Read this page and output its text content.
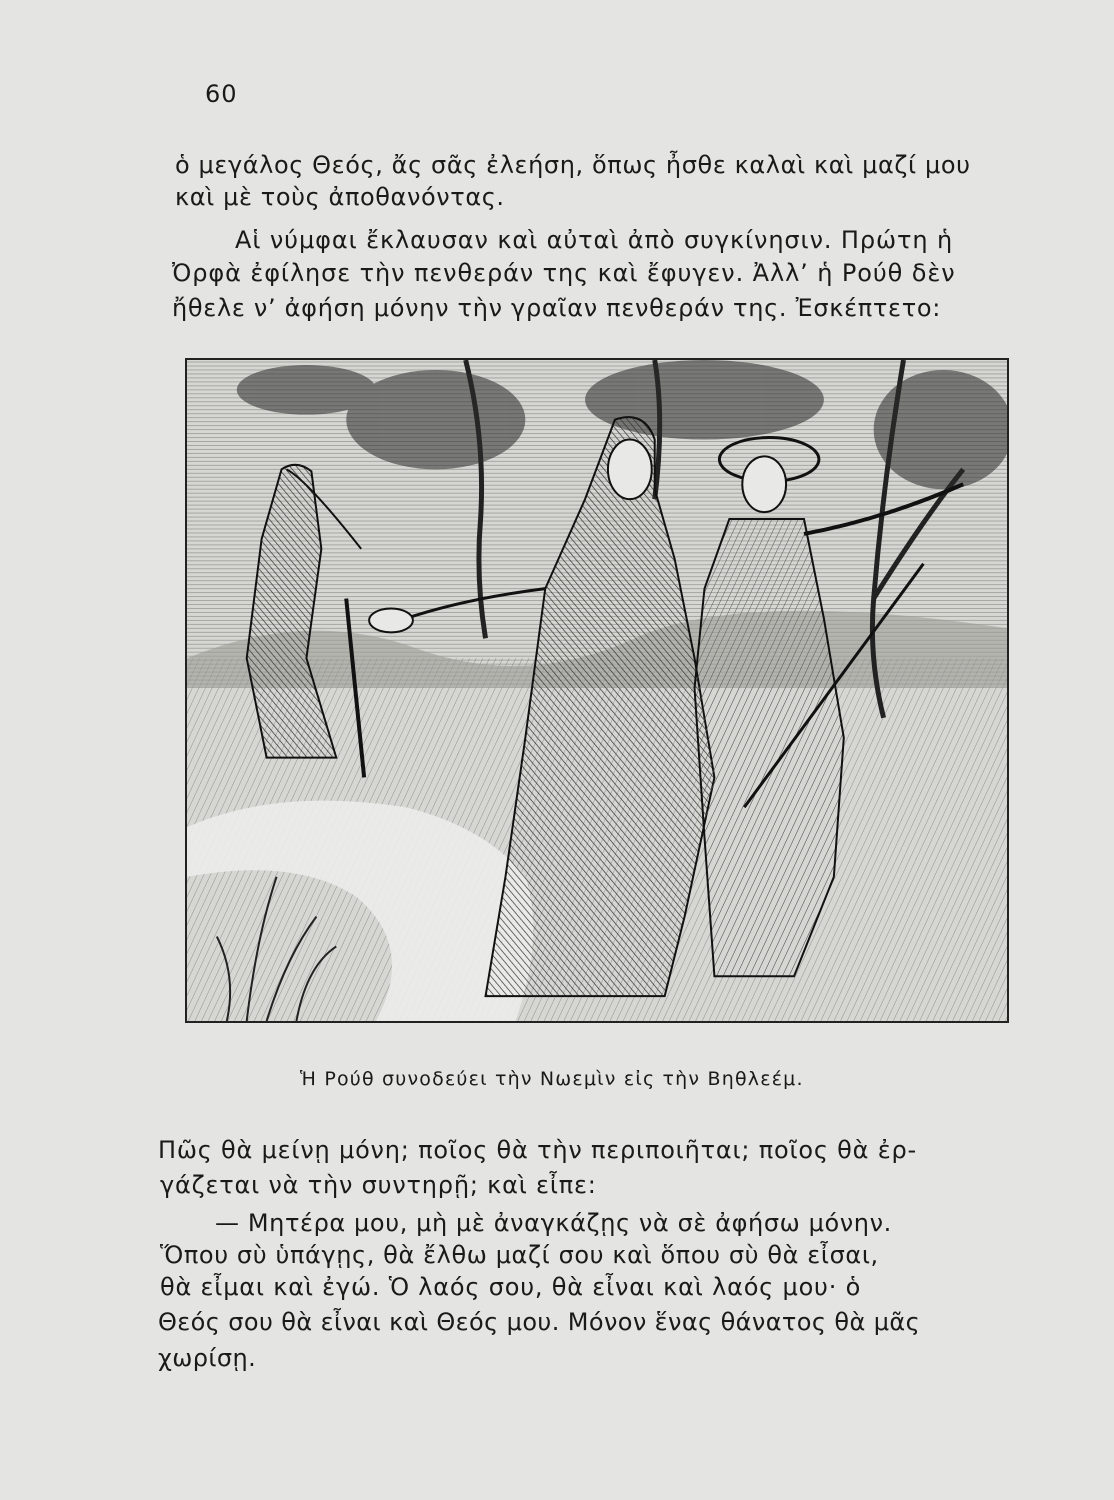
60
ὁ μεγάλος Θεός, ἄς σᾶς ἐλεήση, ὅπως ἦσθε καλαὶ καὶ μαζί μου
καὶ μὲ τοὺς ἀποθανόντας.
Αἱ νύμφαι ἔκλαυσαν καὶ αὐταὶ ἀπὸ συγκίνησιν. Πρώτη ἡ
Ὀρφὰ ἐφίλησε τὴν πενθεράν της καὶ ἔφυγεν. Ἀλλ’ ἡ Ρούθ δὲν
ἤθελε ν’ ἀφήση μόνην τὴν γραῖαν πενθεράν της. Ἐσκέπτετο:
Ἡ Ρούθ συνοδεύει τὴν Νωεμὶν εἰς τὴν Βηθλεέμ.
Πῶς θὰ μείνῃ μόνη; ποῖος θὰ τὴν περιποιῆται; ποῖος θὰ ἐρ-
γάζεται νὰ τὴν συντηρῇ; καὶ εἶπε:
— Μητέρα μου, μὴ μὲ ἀναγκάζῃς νὰ σὲ ἀφήσω μόνην.
Ὅπου σὺ ὑπάγῃς, θὰ ἔλθω μαζί σου καὶ ὅπου σὺ θὰ εἶσαι,
θὰ εἶμαι καὶ ἐγώ. Ὁ λαός σου, θὰ εἶναι καὶ λαός μου· ὁ
Θεός σου θὰ εἶναι καὶ Θεός μου. Μόνον ἕνας θάνατος θὰ μᾶς
χωρίσῃ.
